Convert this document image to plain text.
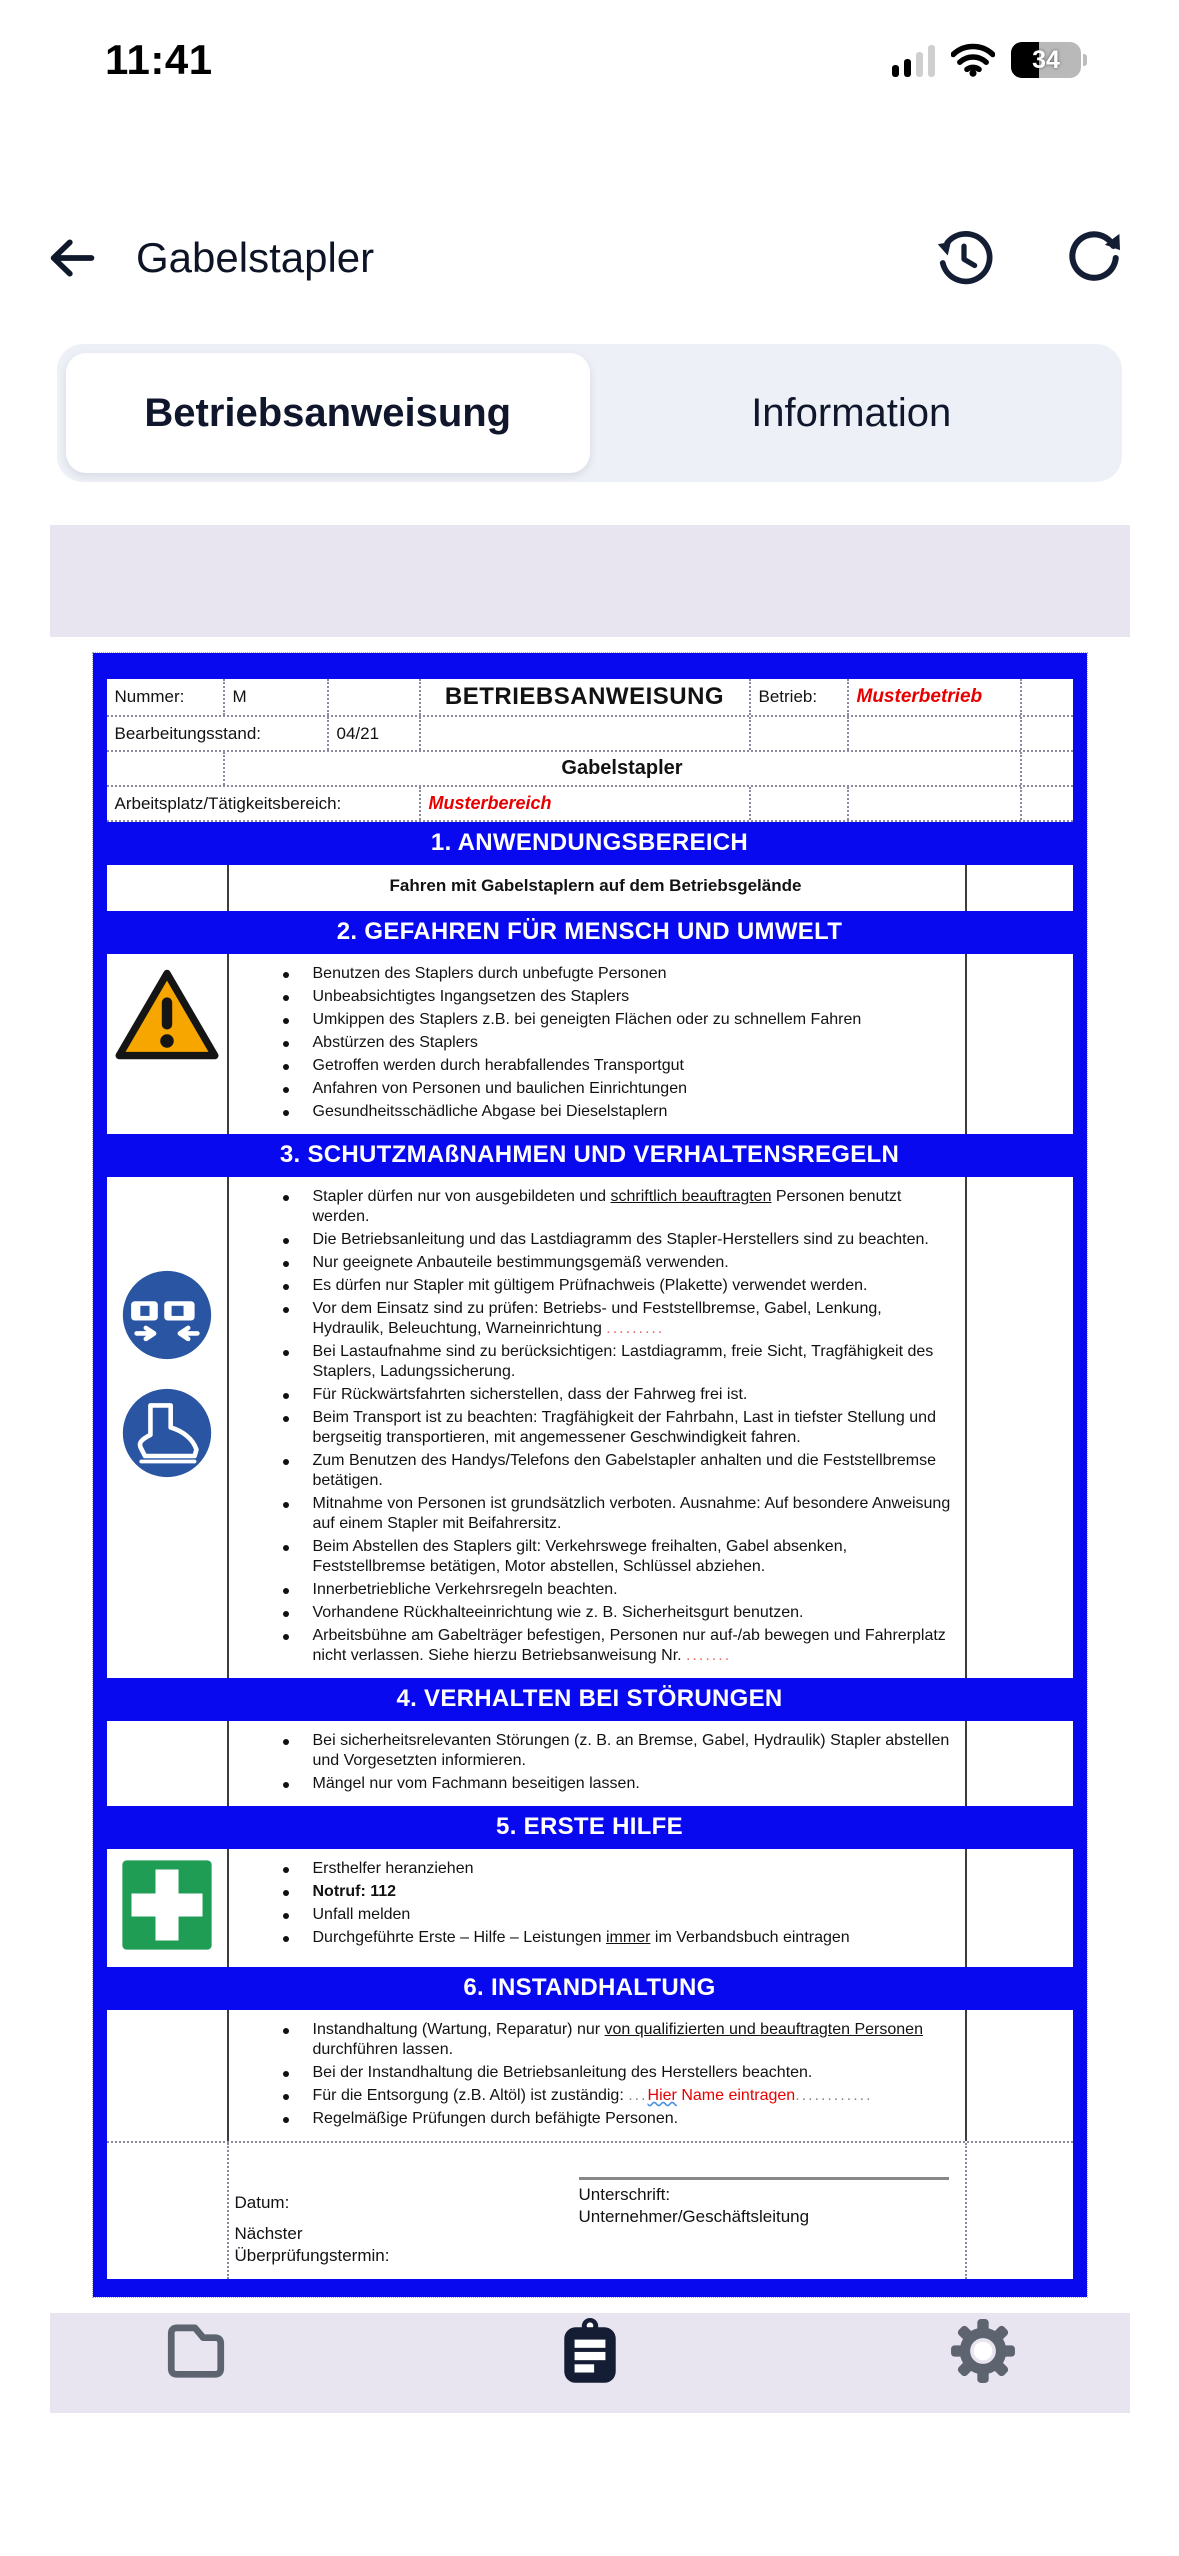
11:41	34
Gabelstapler
Betriebsanweisung	Information
Nummer:	M	BETRIEBSANWEISUNG	Betrieb:	Musterbetrieb
Bearbeitungsstand:	04/21
Gabelstapler
Arbeitsplatz/Tätigkeitsbereich:	Musterbereich
1. ANWENDUNGSBEREICH
Fahren mit Gabelstaplern auf dem Betriebsgelände
2. GEFAHREN FÜR MENSCH UND UMWELT
Benutzen des Staplers durch unbefugte Personen
Unbeabsichtigtes Ingangsetzen des Staplers
Umkippen des Staplers z.B. bei geneigten Flächen oder zu schnellem Fahren
Abstürzen des Staplers
Getroffen werden durch herabfallendes Transportgut
Anfahren von Personen und baulichen Einrichtungen
Gesundheitsschädliche Abgase bei Dieselstaplern
3. SCHUTZMAßNAHMEN UND VERHALTENSREGELN
Stapler dürfen nur von ausgebildeten und schriftlich beauftragten Personen benutzt werden.
Die Betriebsanleitung und das Lastdiagramm des Stapler-Herstellers sind zu beachten.
Nur geeignete Anbauteile bestimmungsgemäß verwenden.
Es dürfen nur Stapler mit gültigem Prüfnachweis (Plakette) verwendet werden.
Vor dem Einsatz sind zu prüfen: Betriebs- und Feststellbremse, Gabel, Lenkung, Hydraulik, Beleuchtung, Warneinrichtung .........
Bei Lastaufnahme sind zu berücksichtigen: Lastdiagramm, freie Sicht, Tragfähigkeit des Staplers, Ladungssicherung.
Für Rückwärtsfahrten sicherstellen, dass der Fahrweg frei ist.
Beim Transport ist zu beachten: Tragfähigkeit der Fahrbahn, Last in tiefster Stellung und bergseitig transportieren, mit angemessener Geschwindigkeit fahren.
Zum Benutzen des Handys/Telefons den Gabelstapler anhalten und die Feststellbremse betätigen.
Mitnahme von Personen ist grundsätzlich verboten. Ausnahme: Auf besondere Anweisung auf einem Stapler mit Beifahrersitz.
Beim Abstellen des Staplers gilt: Verkehrswege freihalten, Gabel absenken, Feststellbremse betätigen, Motor abstellen, Schlüssel abziehen.
Innerbetriebliche Verkehrsregeln beachten.
Vorhandene Rückhalteeinrichtung wie z. B. Sicherheitsgurt benutzen.
Arbeitsbühne am Gabelträger befestigen, Personen nur auf-/ab bewegen und Fahrerplatz nicht verlassen. Siehe hierzu Betriebsanweisung Nr. .......
4. VERHALTEN BEI STÖRUNGEN
Bei sicherheitsrelevanten Störungen (z. B. an Bremse, Gabel, Hydraulik) Stapler abstellen und Vorgesetzten informieren.
Mängel nur vom Fachmann beseitigen lassen.
5. ERSTE HILFE
Ersthelfer heranziehen
Notruf: 112
Unfall melden
Durchgeführte Erste – Hilfe – Leistungen immer im Verbandsbuch eintragen
6. INSTANDHALTUNG
Instandhaltung (Wartung, Reparatur) nur von qualifizierten und beauftragten Personen durchführen lassen.
Bei der Instandhaltung die Betriebsanleitung des Herstellers beachten.
Für die Entsorgung (z.B. Altöl) ist zuständig: ...Hier Name eintragen............
Regelmäßige Prüfungen durch befähigte Personen.
Datum:
Nächster
Überprüfungstermin:
Unterschrift:
Unternehmer/Geschäftsleitung
